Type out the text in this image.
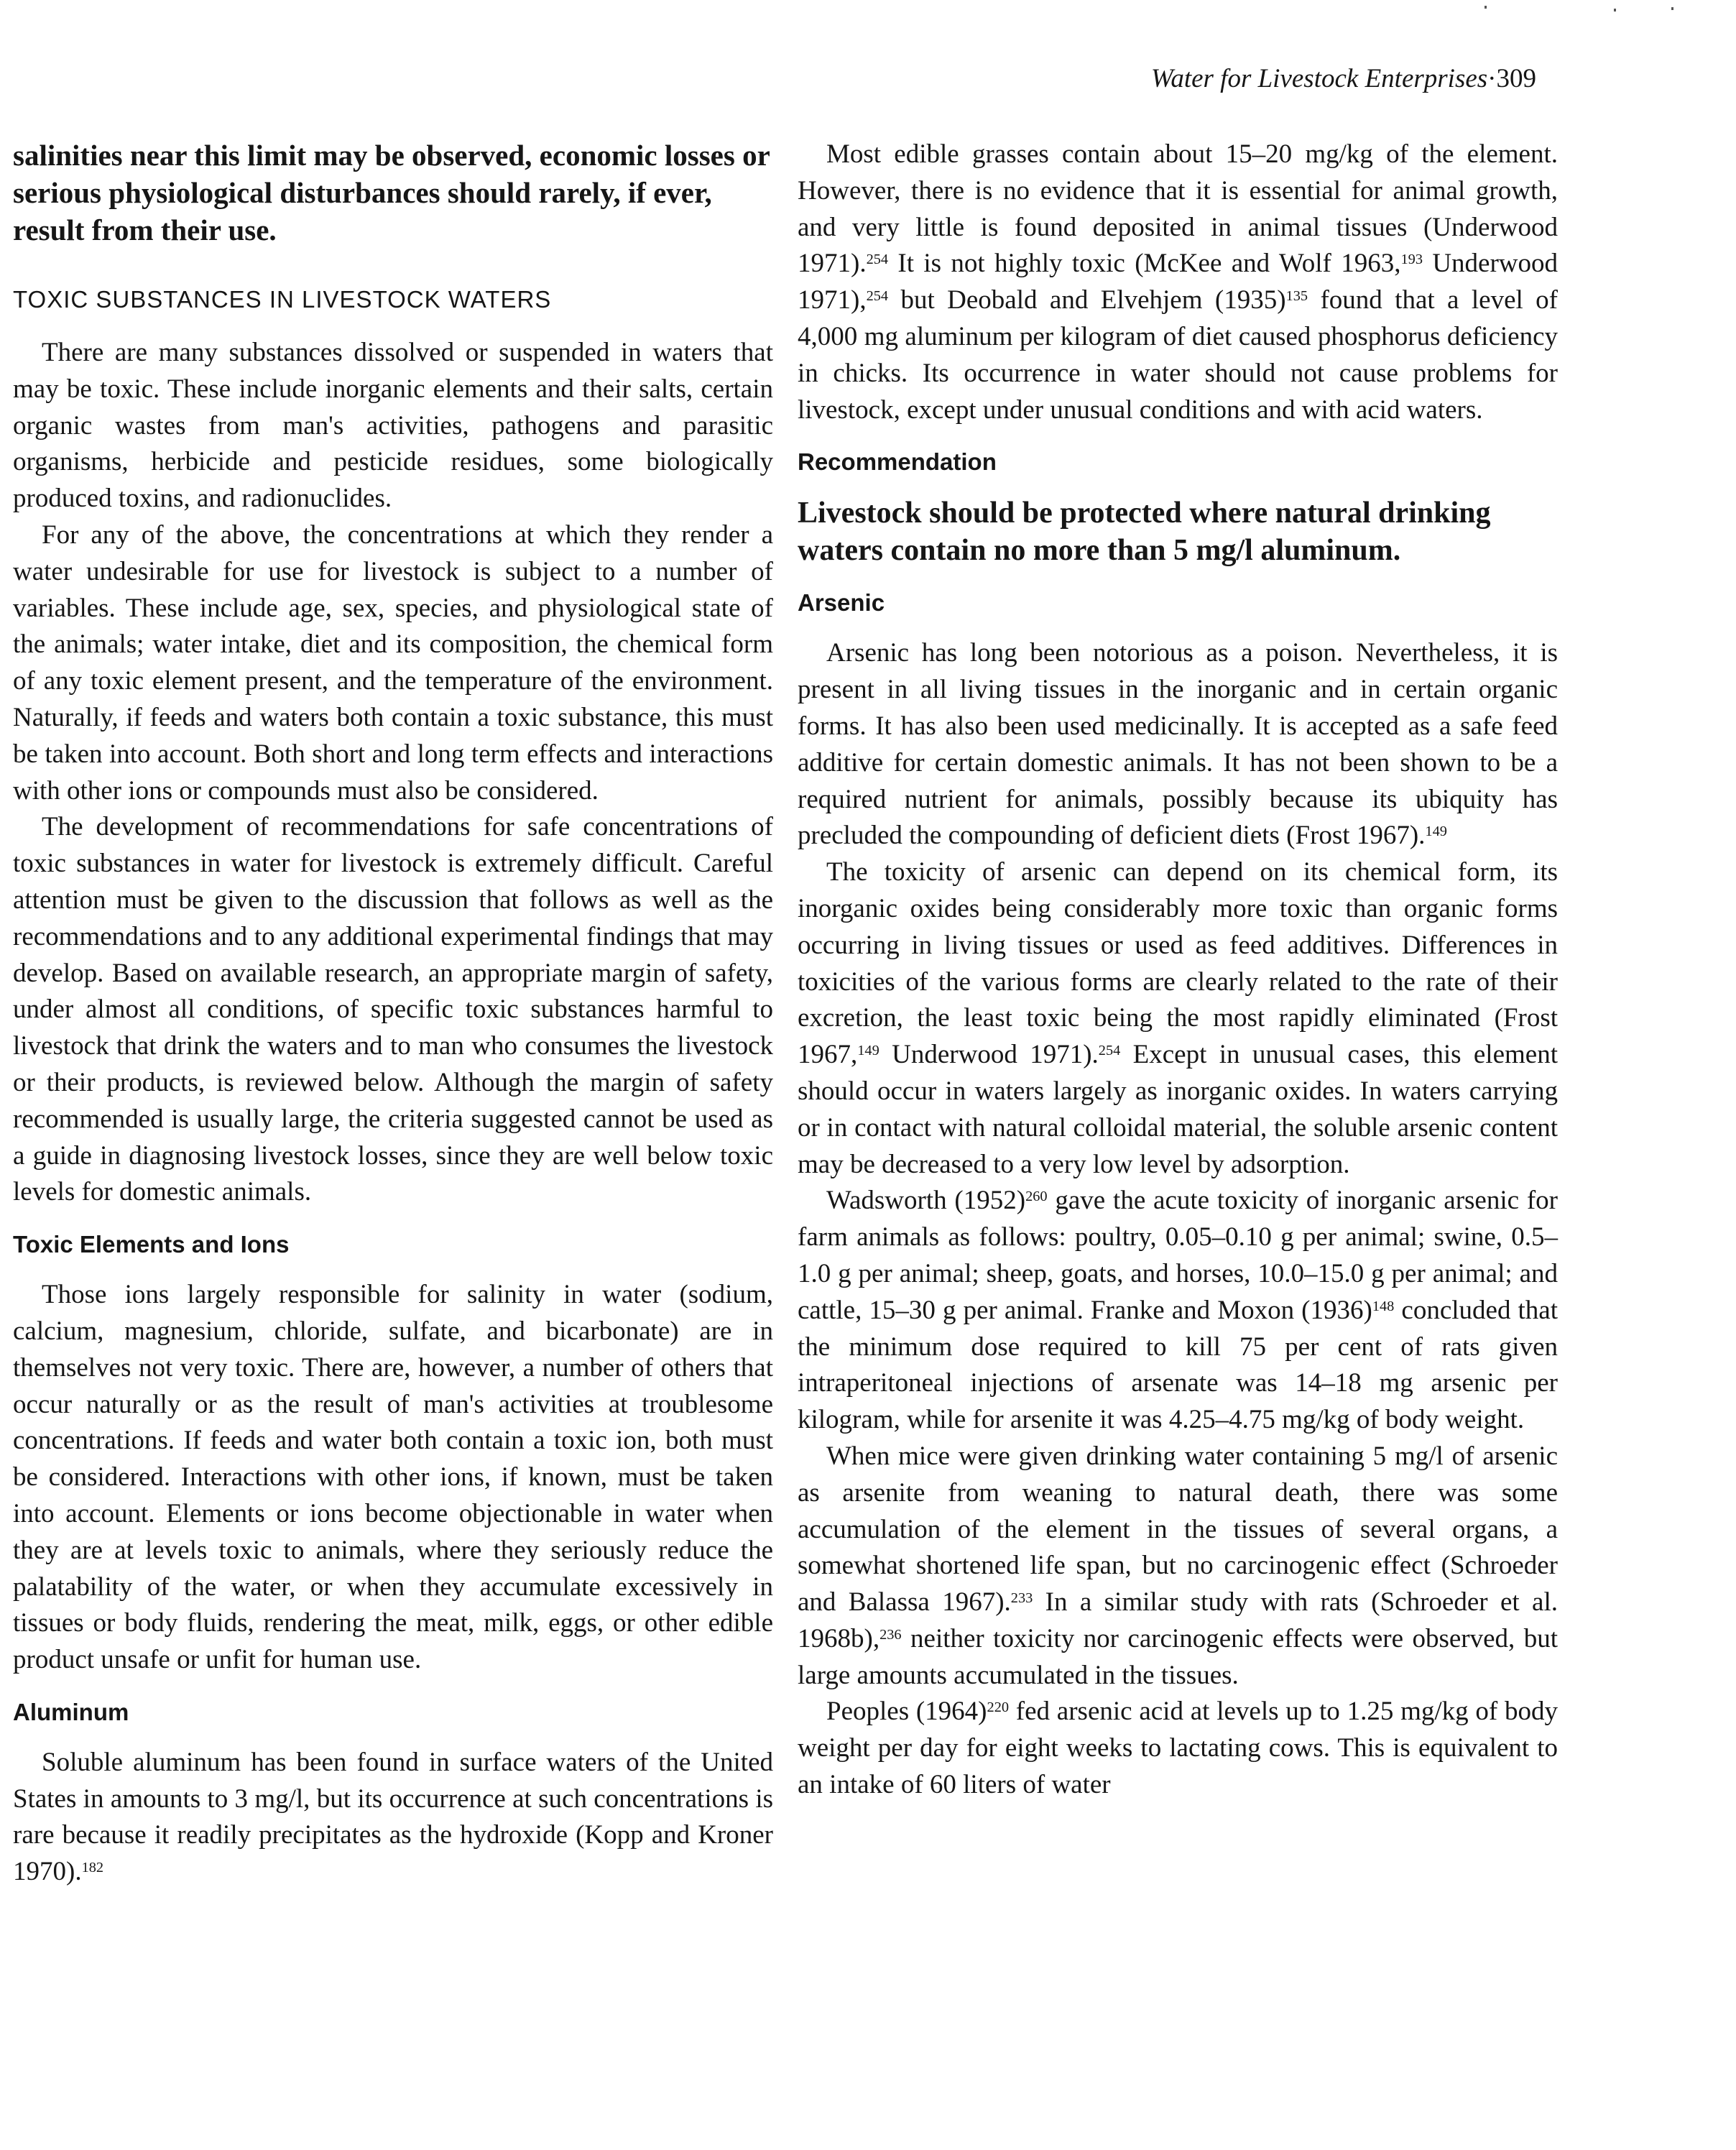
Water for Livestock Enterprises·309

salinities near this limit may be observed, economic losses or serious physiological disturbances should rarely, if ever, result from their use.

TOXIC SUBSTANCES IN LIVESTOCK WATERS

There are many substances dissolved or suspended in waters that may be toxic. These include inorganic elements and their salts, certain organic wastes from man's activities, pathogens and parasitic organisms, herbicide and pesticide residues, some biologically produced toxins, and radionuclides.

For any of the above, the concentrations at which they render a water undesirable for use for livestock is subject to a number of variables. These include age, sex, species, and physiological state of the animals; water intake, diet and its composition, the chemical form of any toxic element present, and the temperature of the environment. Naturally, if feeds and waters both contain a toxic substance, this must be taken into account. Both short and long term effects and interactions with other ions or compounds must also be considered.

The development of recommendations for safe concentrations of toxic substances in water for livestock is extremely difficult. Careful attention must be given to the discussion that follows as well as the recommendations and to any additional experimental findings that may develop. Based on available research, an appropriate margin of safety, under almost all conditions, of specific toxic substances harmful to livestock that drink the waters and to man who consumes the livestock or their products, is reviewed below. Although the margin of safety recommended is usually large, the criteria suggested cannot be used as a guide in diagnosing livestock losses, since they are well below toxic levels for domestic animals.

Toxic Elements and Ions

Those ions largely responsible for salinity in water (sodium, calcium, magnesium, chloride, sulfate, and bicarbonate) are in themselves not very toxic. There are, however, a number of others that occur naturally or as the result of man's activities at troublesome concentrations. If feeds and water both contain a toxic ion, both must be considered. Interactions with other ions, if known, must be taken into account. Elements or ions become objectionable in water when they are at levels toxic to animals, where they seriously reduce the palatability of the water, or when they accumulate excessively in tissues or body fluids, rendering the meat, milk, eggs, or other edible product unsafe or unfit for human use.

Aluminum

Soluble aluminum has been found in surface waters of the United States in amounts to 3 mg/l, but its occurrence at such concentrations is rare because it readily precipitates as the hydroxide (Kopp and Kroner 1970).$^{182}$

Most edible grasses contain about 15–20 mg/kg of the element. However, there is no evidence that it is essential for animal growth, and very little is found deposited in animal tissues (Underwood 1971).$^{254}$ It is not highly toxic (McKee and Wolf 1963,$^{193}$ Underwood 1971),$^{254}$ but Deobald and Elvehjem $(1935)^{135}$ found that a level of 4,000 mg aluminum per kilogram of diet caused phosphorus deficiency in chicks. Its occurrence in water should not cause problems for livestock, except under unusual conditions and with acid waters.

Recommendation

Livestock should be protected where natural drinking waters contain no more than 5 mg/l aluminum.

Arsenic

Arsenic has long been notorious as a poison. Nevertheless, it is present in all living tissues in the inorganic and in certain organic forms. It has also been used medicinally. It is accepted as a safe feed additive for certain domestic animals. It has not been shown to be a required nutrient for animals, possibly because its ubiquity has precluded the compounding of deficient diets (Frost 1967).$^{149}$

The toxicity of arsenic can depend on its chemical form, its inorganic oxides being considerably more toxic than organic forms occurring in living tissues or used as feed additives. Differences in toxicities of the various forms are clearly related to the rate of their excretion, the least toxic being the most rapidly eliminated (Frost 1967,$^{149}$ Underwood 1971).$^{254}$ Except in unusual cases, this element should occur in waters largely as inorganic oxides. In waters carrying or in contact with natural colloidal material, the soluble arsenic content may be decreased to a very low level by adsorption.

Wadsworth $(1952)^{260}$ gave the acute toxicity of inorganic arsenic for farm animals as follows: poultry, 0.05–0.10 g per animal; swine, 0.5–1.0 g per animal; sheep, goats, and horses, 10.0–15.0 g per animal; and cattle, 15–30 g per animal. Franke and Moxon $(1936)^{148}$ concluded that the minimum dose required to kill 75 per cent of rats given intraperitoneal injections of arsenate was 14–18 mg arsenic per kilogram, while for arsenite it was 4.25–4.75 mg/kg of body weight.

When mice were given drinking water containing 5 mg/l of arsenic as arsenite from weaning to natural death, there was some accumulation of the element in the tissues of several organs, a somewhat shortened life span, but no carcinogenic effect (Schroeder and Balassa 1967).$^{233}$ In a similar study with rats (Schroeder et al. 1968b),$^{236}$ neither toxicity nor carcinogenic effects were observed, but large amounts accumulated in the tissues.

Peoples $(1964)^{220}$ fed arsenic acid at levels up to 1.25 mg/kg of body weight per day for eight weeks to lactating cows. This is equivalent to an intake of 60 liters of water
